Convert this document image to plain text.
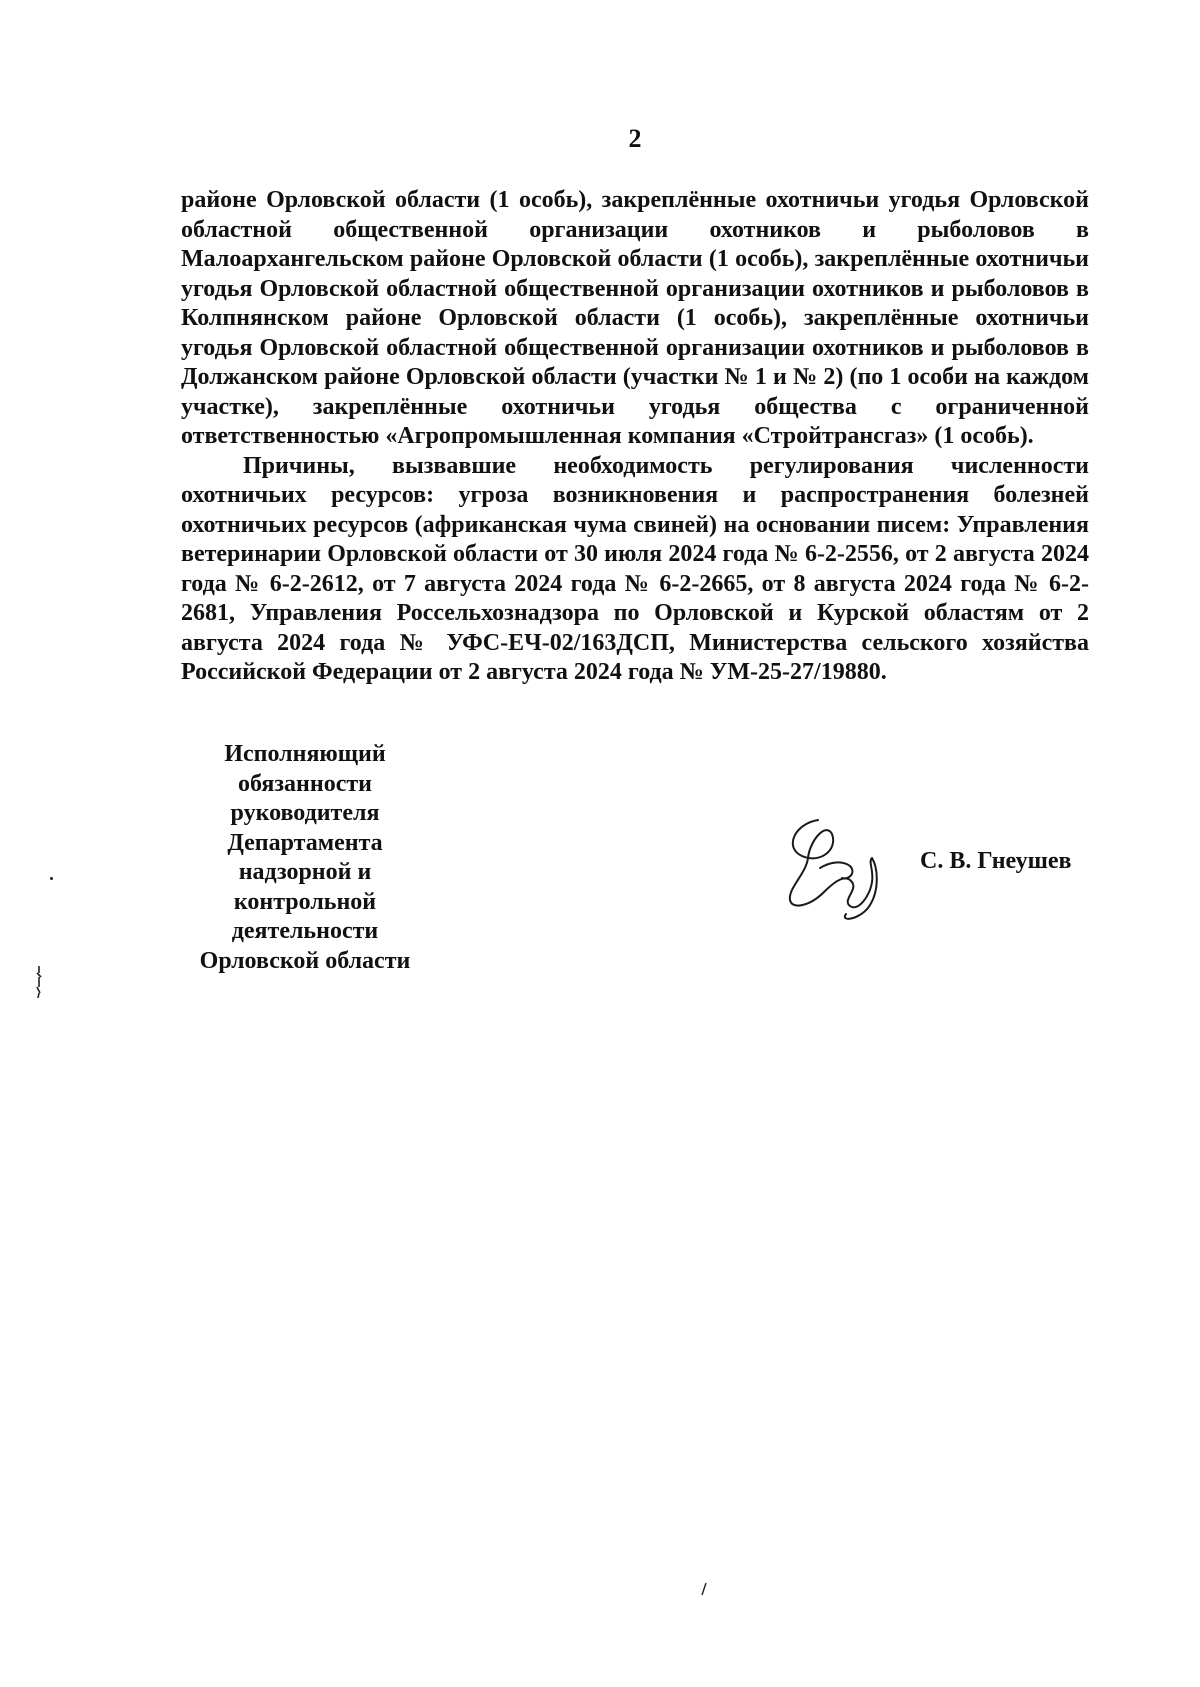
2

районе Орловской области (1 особь), закреплённые охотничьи угодья Орловской областной общественной организации охотников и рыболовов в Малоархангельском районе Орловской области (1 особь), закреплённые охотничьи угодья Орловской областной общественной организации охотников и рыболовов в Колпнянском районе Орловской области (1 особь), закреплённые охотничьи угодья Орловской областной общественной организации охотников и рыболовов в Должанском районе Орловской области (участки № 1 и № 2) (по 1 особи на каждом участке), закреплённые охотничьи угодья общества с ограниченной ответственностью «Агропромышленная компания «Стройтрансгаз» (1 особь).

Причины, вызвавшие необходимость регулирования численности охотничьих ресурсов: угроза возникновения и распространения болезней охотничьих ресурсов (африканская чума свиней) на основании писем: Управления ветеринарии Орловской области от 30 июля 2024 года № 6-2-2556, от 2 августа 2024 года № 6-2-2612, от 7 августа 2024 года № 6-2-2665, от 8 августа 2024 года № 6-2-2681, Управления Россельхознадзора по Орловской и Курской областям от 2 августа 2024 года № УФС-ЕЧ-02/163ДСП, Министерства сельского хозяйства Российской Федерации от 2 августа 2024 года № УМ-25-27/19880.

Исполняющий
обязанности
руководителя
Департамента
надзорной и
контрольной
деятельности
Орловской области
С. В. Гнеушев
